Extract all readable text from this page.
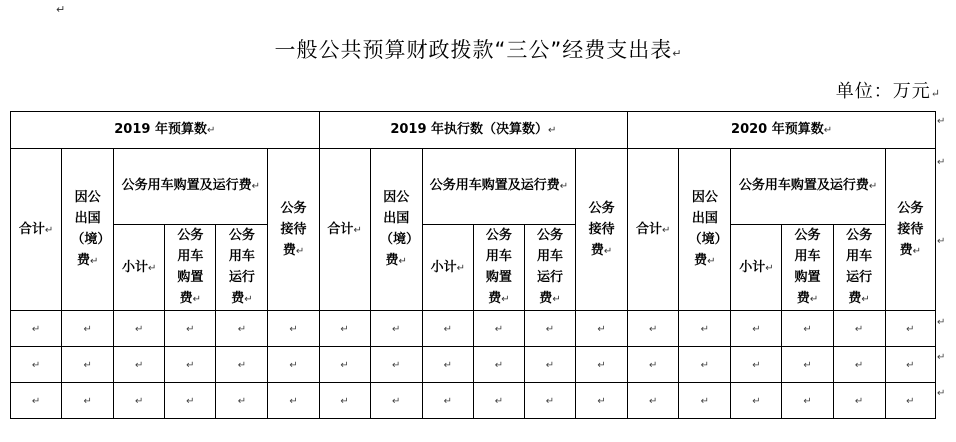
↵
一般公共预算财政拨款“三公”经费支出表↵
单位：万元↵
2019 年预算数↵						2019 年执行数（决算数）↵						2020 年预算数↵					
合计↵	因公出国（境）费↵	公务用车购置及运行费↵			公务接待费↵	合计↵	因公出国（境）费↵	公务用车购置及运行费↵			公务接待费↵	合计↵	因公出国（境）费↵	公务用车购置及运行费↵			公务接待费↵
		小计↵	公务用车购置费↵	公务用车运行费↵				小计↵	公务用车购置费↵	公务用车运行费↵				小计↵	公务用车购置费↵	公务用车运行费↵	
↵	↵	↵	↵	↵	↵	↵	↵	↵	↵	↵	↵	↵	↵	↵	↵	↵	↵
↵	↵	↵	↵	↵	↵	↵	↵	↵	↵	↵	↵	↵	↵	↵	↵	↵	↵
↵	↵	↵	↵	↵	↵	↵	↵	↵	↵	↵	↵	↵	↵	↵	↵	↵	↵
↵
↵
↵
↵
↵
↵
